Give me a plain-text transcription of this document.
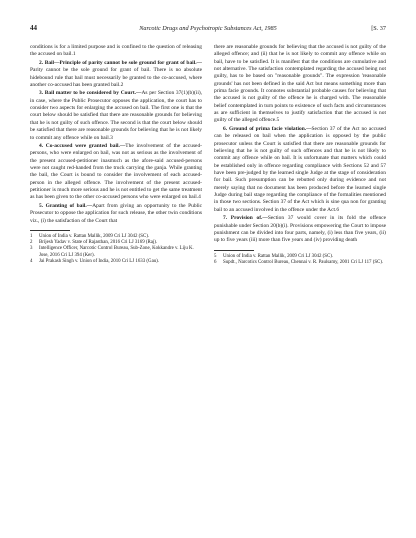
44	Narcotic Drugs and Psychotropic Substances Act, 1985	[S. 37

conditions is for a limited purpose and is confined to the question of releasing the accused on bail.1

2. Bail—Principle of parity cannot be sole ground for grant of bail.—Parity cannot be the sole ground for grant of bail. There is no absolute hidebound rule that bail must necessarily be granted to the co-accused, where another co-accused has been granted bail.2

3. Bail matter to be considered by Court.—As per Section 37(1)(b)(ii), in case, where the Public Prosecutor opposes the application, the court has to consider two aspects for enlarging the accused on bail. The first one is that the court below should be satisfied that there are reasonable grounds for believing that he is not guilty of such offence. The second is that the court below should be satisfied that there are reasonable grounds for believing that he is not likely to commit any offence while on bail.3

4. Co-accused were granted bail.—The involvement of the accused-persons, who were enlarged on bail, was not as serious as the involvement of the present accused-petitioner inasmuch as the afore-said accused-persons were not caught red-handed from the truck carrying the ganja. While granting the bail, the Court is bound to consider the involvement of each accused-person in the alleged offence. The involvement of the present accused-petitioner is much more serious and he is not entitled to get the same treatment as has been given to the other co-accused persons who were enlarged on bail.4

5. Granting of bail.—Apart from giving an opportunity to the Public Prosecutor to oppose the application for such release, the other twin conditions viz., (i) the satisfaction of the Court that

1	Union of India v. Rattan Mallik, 2009 Cri LJ 3042 (SC).
2	Brijesh Yadav v. State of Rajasthan, 2016 Cri LJ 3169 (Raj).
3	Intelligence Officer, Narcotic Control Bureau, Sub-Zone, Kokkandre v. Liju K. Jose, 2016 Cri LJ 394 (Ker).
4	Jai Prakash Singh v. Union of India, 2010 Cri LJ 1633 (Gau).

there are reasonable grounds for believing that the accused is not guilty of the alleged offence; and (ii) that he is not likely to commit any offence while on bail, have to be satisfied. It is manifest that the conditions are cumulative and not alternative. The satisfaction contemplated regarding the accused being not guilty, has to be based on "reasonable grounds". The expression 'reasonable grounds' has not been defined in the said Act but means something more than prima facie grounds. It connotes substantial probable causes for believing that the accused is not guilty of the offence he is charged with. The reasonable belief contemplated in turn points to existence of such facts and circumstances as are sufficient in themselves to justify satisfaction that the accused is not guilty of the alleged offence.5

6. Ground of prima facie violation.—Section 37 of the Act no accused can be released on bail when the application is opposed by the public prosecutor unless the Court is satisfied that there are reasonable grounds for believing that he is not guilty of such offences and that he is not likely to commit any offence while on bail. It is unfortunate that matters which could be established only in offence regarding compliance with Sections 52 and 57 have been pre-judged by the learned single Judge at the stage of consideration for bail. Such presumption can be rebutted only during evidence and not merely saying that no document has been produced before the learned single Judge during bail stage regarding the compliance of the formalities mentioned in those two sections. Section 37 of the Act which is sine qua non for granting bail to an accused involved in the offence under the Act.6

7. Provision of.—Section 37 would cover in its fold the offence punishable under Section 20(b)(i). Provisions empowering the Court to impose punishment can be divided into four parts, namely, (i) less than five years, (ii) up to five years (iii) more than five years and (iv) providing death

5	Union of India v. Rattan Mallik, 2009 Cri LJ 3042 (SC).
6	Supdt., Narcotics Control Bureau, Chennai v. R. Paulsamy, 2001 Cri LJ 117 (SC).
